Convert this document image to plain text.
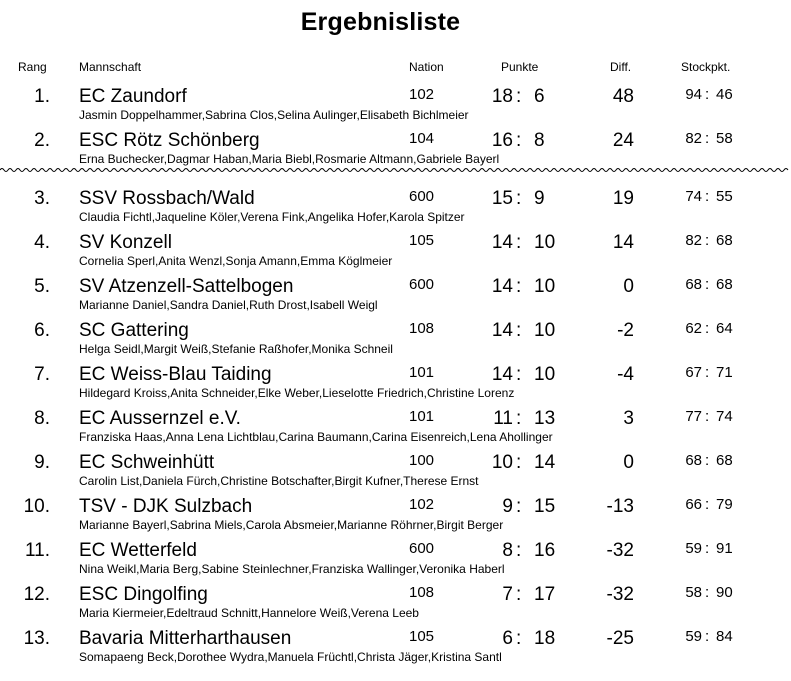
Ergebnisliste
Rang	Mannschaft	Nation	Punkte	Diff.	Stockpkt.
1. EC Zaundorf
Jasmin Doppelhammer,Sabrina Clos,Selina Aulinger,Elisabeth Bichlmeier
102	18 : 6	48	94 : 46
2. ESC Rötz Schönberg
Erna Buchecker,Dagmar Haban,Maria Biebl,Rosmarie Altmann,Gabriele Bayerl
104	16 : 8	24	82 : 58
3. SSV Rossbach/Wald
Claudia Fichtl,Jaqueline Köler,Verena Fink,Angelika Hofer,Karola Spitzer
600	15 : 9	19	74 : 55
4. SV Konzell
Cornelia Sperl,Anita Wenzl,Sonja Amann,Emma Köglmeier
105	14 : 10	14	82 : 68
5. SV Atzenzell-Sattelbogen
Marianne Daniel,Sandra Daniel,Ruth Drost,Isabell Weigl
600	14 : 10	0	68 : 68
6. SC Gattering
Helga Seidl,Margit Weiß,Stefanie Raßhofer,Monika Schneil
108	14 : 10	-2	62 : 64
7. EC Weiss-Blau Taiding
Hildegard Kroiss,Anita Schneider,Elke Weber,Lieselotte Friedrich,Christine Lorenz
101	14 : 10	-4	67 : 71
8. EC Aussernzel e.V.
Franziska Haas,Anna Lena Lichtblau,Carina Baumann,Carina Eisenreich,Lena Ahollinger
101	11 : 13	3	77 : 74
9. EC Schweinhütt
Carolin List,Daniela Fürch,Christine Botschafter,Birgit Kufner,Therese Ernst
100	10 : 14	0	68 : 68
10. TSV - DJK Sulzbach
Marianne Bayerl,Sabrina Miels,Carola Absmeier,Marianne Röhrner,Birgit Berger
102	9 : 15	-13	66 : 79
11. EC Wetterfeld
Nina Weikl,Maria Berg,Sabine Steinlechner,Franziska Wallinger,Veronika Haberl
600	8 : 16	-32	59 : 91
12. ESC Dingolfing
Maria Kiermeier,Edeltraud Schnitt,Hannelore Weiß,Verena Leeb
108	7 : 17	-32	58 : 90
13. Bavaria Mitterharthausen
Somapaeng Beck,Dorothee Wydra,Manuela Früchtl,Christa Jäger,Kristina Santl
105	6 : 18	-25	59 : 84
